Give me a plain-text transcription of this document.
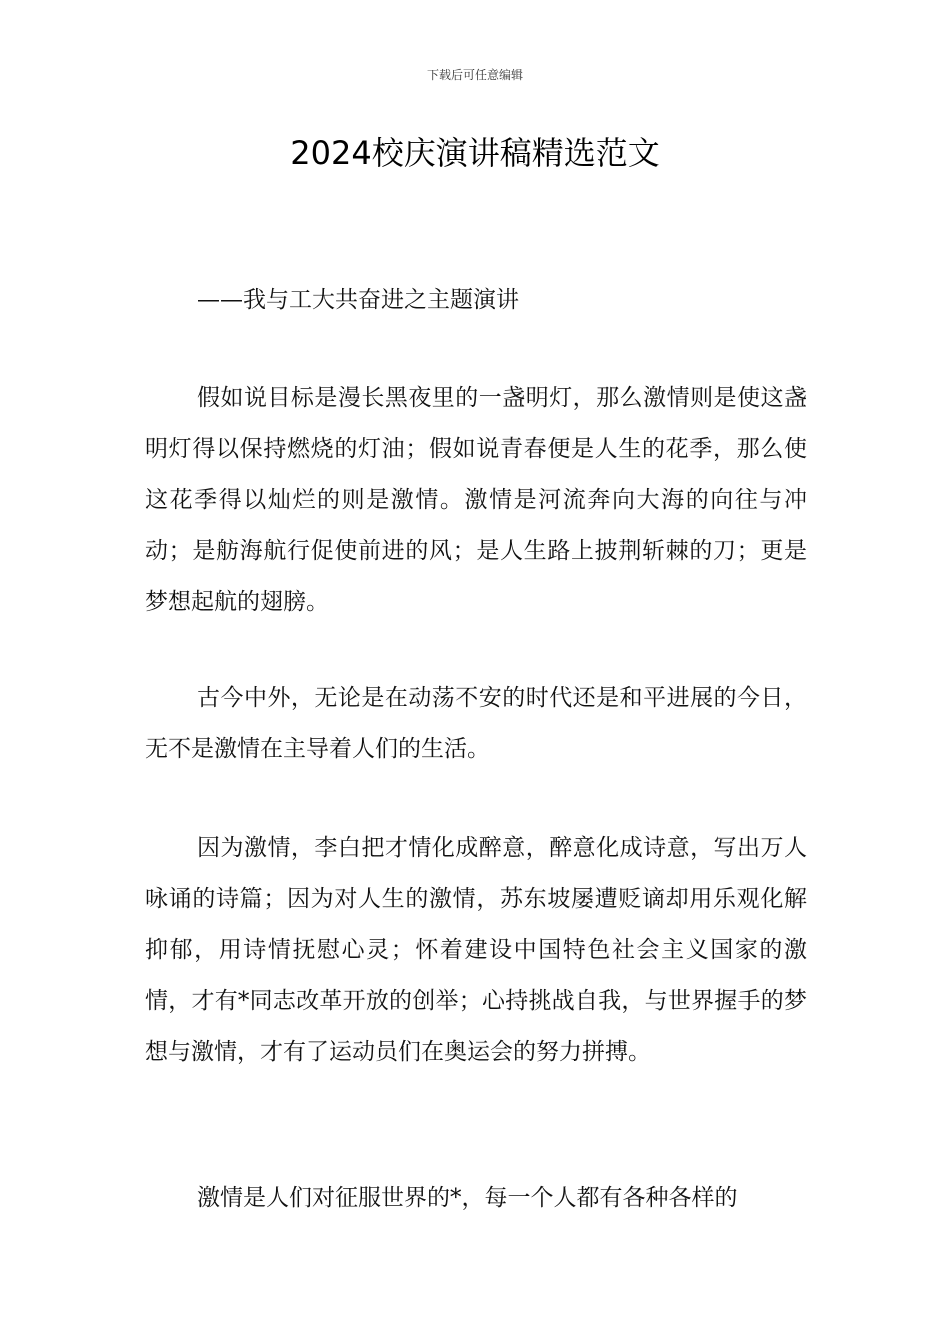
下载后可任意编辑
2024校庆演讲稿精选范文
——我与工大共奋进之主题演讲

假如说目标是漫长黑夜里的一盏明灯，那么激情则是使这盏明灯得以保持燃烧的灯油；假如说青春便是人生的花季，那么使这花季得以灿烂的则是激情。激情是河流奔向大海的向往与冲动；是舫海航行促使前进的风；是人生路上披荆斩棘的刀；更是梦想起航的翅膀。

古今中外，无论是在动荡不安的时代还是和平进展的今日，无不是激情在主导着人们的生活。

因为激情，李白把才情化成醉意，醉意化成诗意，写出万人咏诵的诗篇；因为对人生的激情，苏东坡屡遭贬谪却用乐观化解抑郁，用诗情抚慰心灵；怀着建设中国特色社会主义国家的激情，才有*同志改革开放的创举；心持挑战自我，与世界握手的梦想与激情，才有了运动员们在奥运会的努力拼搏。

激情是人们对征服世界的*，每一个人都有各种各样的
